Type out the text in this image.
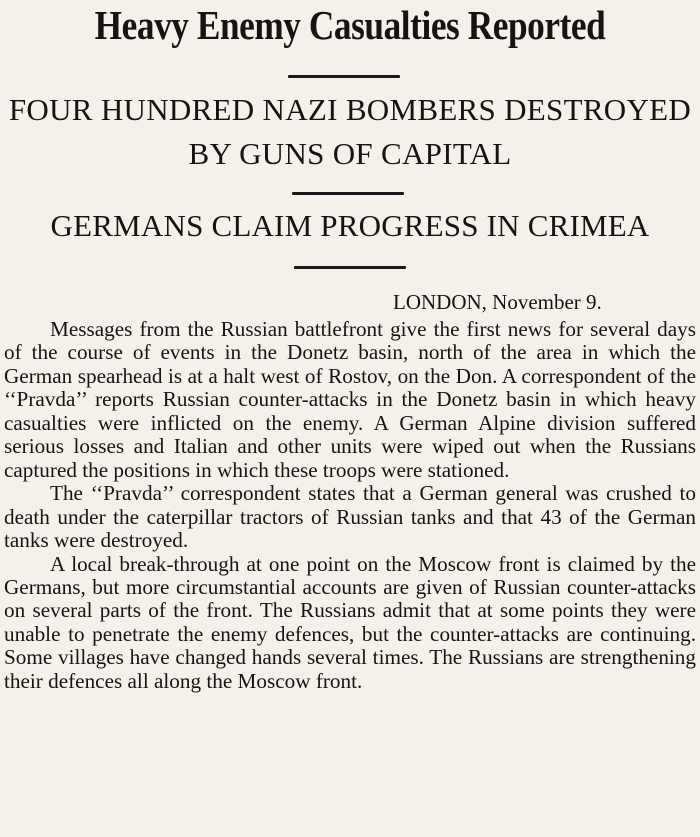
Heavy Enemy Casualties Reported
FOUR HUNDRED NAZI BOMBERS DESTROYED
BY GUNS OF CAPITAL
GERMANS CLAIM PROGRESS IN CRIMEA
LONDON, November 9.

Messages from the Russian battlefront give the first news for several days of the course of events in the Donetz basin, north of the area in which the German spearhead is at a halt west of Rostov, on the Don. A correspondent of the ‘‘Pravda’’ reports Russian counter-attacks in the Donetz basin in which heavy casualties were inflicted on the enemy. A German Alpine division suffered serious losses and Italian and other units were wiped out when the Russians captured the positions in which these troops were stationed.

The ‘‘Pravda’’ correspondent states that a German general was crushed to death under the caterpillar tractors of Russian tanks and that 43 of the German tanks were destroyed.

A local break-through at one point on the Moscow front is claimed by the Germans, but more circumstantial accounts are given of Russian counter-attacks on several parts of the front. The Russians admit that at some points they were unable to penetrate the enemy defences, but the counter-attacks are continuing. Some villages have changed hands several times. The Russians are strengthening their defences all along the Moscow front.
